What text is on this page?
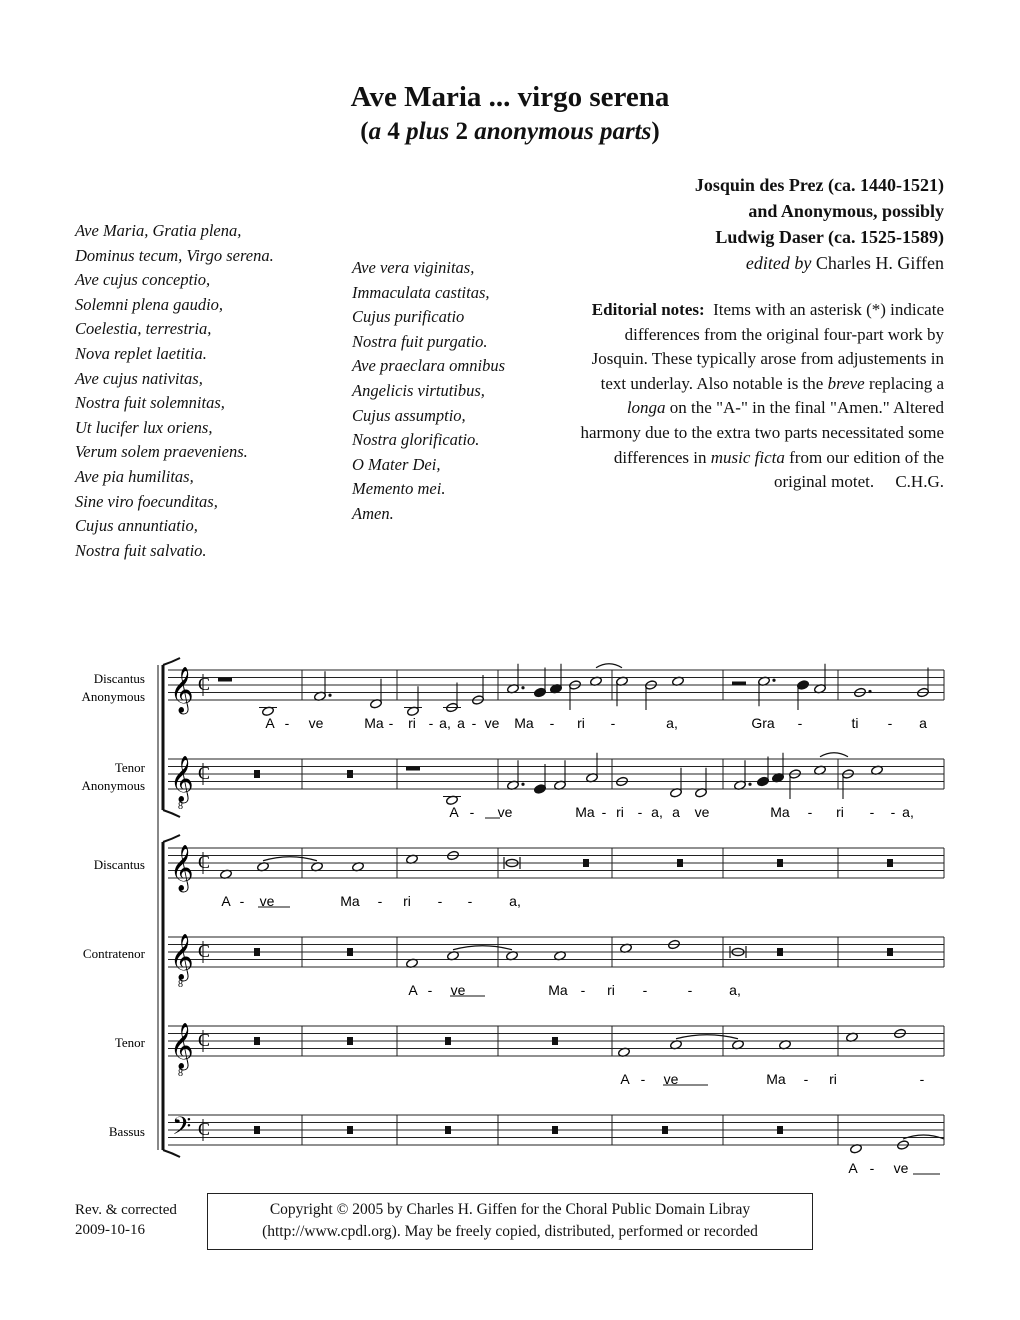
Ave Maria ... virgo serena
(a 4 plus 2 anonymous parts)
Josquin des Prez (ca. 1440-1521)
and Anonymous, possibly
Ludwig Daser (ca. 1525-1589)
edited by Charles H. Giffen
Ave Maria, Gratia plena,
Dominus tecum, Virgo serena.
Ave cujus conceptio,
Solemni plena gaudio,
Coelestia, terrestria,
Nova replet laetitia.
Ave cujus nativitas,
Nostra fuit solemnitas,
Ut lucifer lux oriens,
Verum solem praeveniens.
Ave pia humilitas,
Sine viro foecunditas,
Cujus annuntiatio,
Nostra fuit salvatio.
Ave vera viginitas,
Immaculata castitas,
Cujus purificatio
Nostra fuit purgatio.
Ave praeclara omnibus
Angelicis virtutibus,
Cujus assumptio,
Nostra glorificatio.
O Mater Dei,
Memento mei.
Amen.
Editorial notes: Items with an asterisk (*) indicate differences from the original four-part work by Josquin. These typically arose from adjustements in text underlay. Also notable is the breve replacing a longa on the "A-" in the final "Amen." Altered harmony due to the extra two parts necessitated some differences in music ficta from our edition of the original motet. C.H.G.
Discantus
Anonymous 𝄞 C
A - ve	Ma - ri - a, a - ve Ma - ri -	a,	Gra -	ti - a
Tenor
Anonymous 𝄞
8
C
A - ve	Ma - ri - a, a ve	Ma - ri - - a,
Discantus 𝄞 C
A - ve	Ma - ri - -	a,
Contratenor 𝄞
8
C
A - ve	Ma - ri -	-	a,
Tenor 𝄞
8
C
A - ve	Ma - ri	-
Bassus 𝄢 C
A - ve
Rev. & corrected
2009-10-16
Copyright © 2005 by Charles H. Giffen for the Choral Public Domain Libray
(http://www.cpdl.org). May be freely copied, distributed, performed or recorded
